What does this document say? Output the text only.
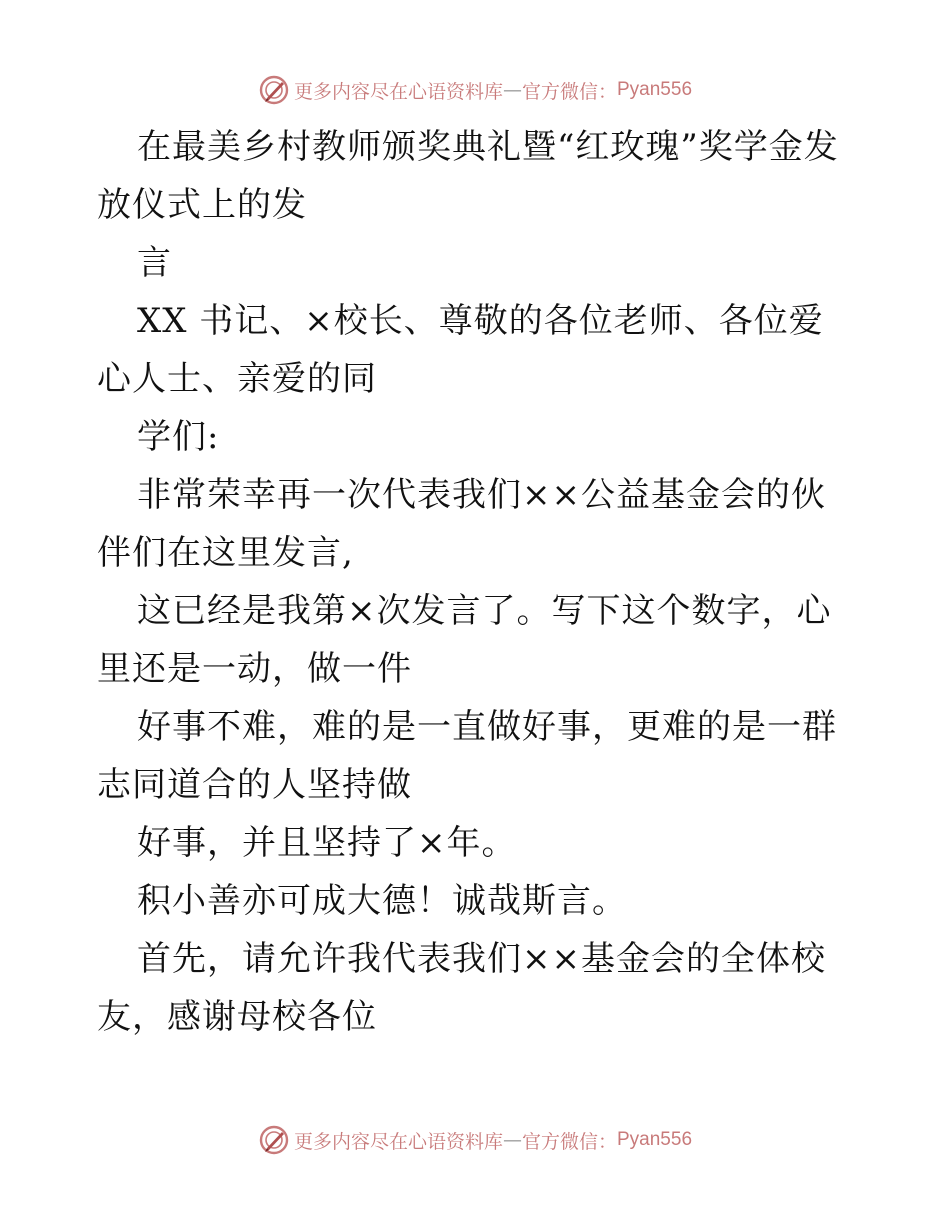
更多内容尽在心语资料库 — 官方微信： Pyan556

在最美乡村教师颁奖典礼暨“红玫瑰”奖学金发放仪式上的发

言

XX 书记、×校长、尊敬的各位老师、各位爱心人士、亲爱的同

学们:

非常荣幸再一次代表我们××公益基金会的伙伴们在这里发言,

这已经是我第×次发言了。写下这个数字，心里还是一动，做一件

好事不难，难的是一直做好事，更难的是一群志同道合的人坚持做

好事，并且坚持了×年。

积小善亦可成大德！诚哉斯言。

首先，请允许我代表我们××基金会的全体校友，感谢母校各位

更多内容尽在心语资料库 — 官方微信： Pyan556
